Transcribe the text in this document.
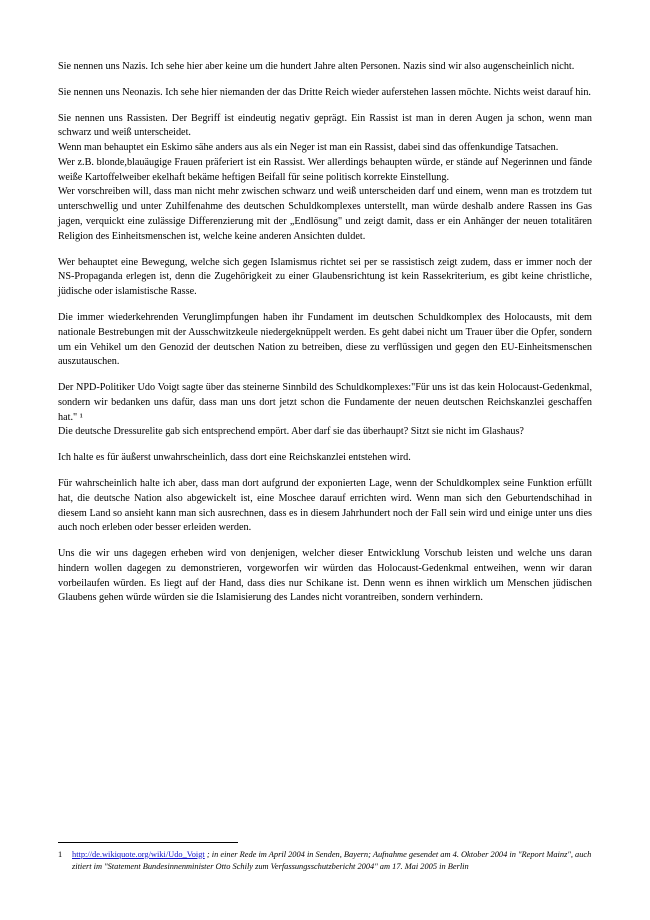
Sie nennen uns Nazis. Ich sehe hier aber keine um die hundert Jahre alten Personen. Nazis sind wir also augenscheinlich nicht.

Sie nennen uns Neonazis. Ich sehe hier niemanden der das Dritte Reich wieder auferstehen lassen möchte. Nichts weist darauf hin.

Sie nennen uns Rassisten. Der Begriff ist eindeutig negativ geprägt. Ein Rassist ist man in deren Augen ja schon, wenn man schwarz und weiß unterscheidet.
Wenn man behauptet ein Eskimo sähe anders aus als ein Neger ist man ein Rassist, dabei sind das offenkundige Tatsachen.
Wer z.B. blonde,blauäugige Frauen präferiert ist ein Rassist. Wer allerdings behaupten würde, er stände auf Negerinnen und fände weiße Kartoffelweiber ekelhaft bekäme heftigen Beifall für seine politisch korrekte Einstellung.
Wer vorschreiben will, dass man nicht mehr zwischen schwarz und weiß unterscheiden darf und einem, wenn man es trotzdem tut unterschwellig und unter Zuhilfenahme des deutschen Schuldkomplexes unterstellt, man würde deshalb andere Rassen ins Gas jagen, verquickt eine zulässige Differenzierung mit der „Endlösung" und zeigt damit, dass er ein Anhänger der neuen totalitären Religion des Einheitsmenschen ist, welche keine anderen Ansichten duldet.

Wer behauptet eine Bewegung, welche sich gegen Islamismus richtet sei per se rassistisch zeigt zudem, dass er immer noch der NS-Propaganda erlegen ist, denn die Zugehörigkeit zu einer Glaubensrichtung ist kein Rassekriterium, es gibt keine christliche, jüdische oder islamistische Rasse.

Die immer wiederkehrenden Verunglimpfungen haben ihr Fundament im deutschen Schuldkomplex des Holocausts, mit dem nationale Bestrebungen mit der Ausschwitzkeule niedergeknüppelt werden. Es geht dabei nicht um Trauer über die Opfer, sondern um ein Vehikel um den Genozid der deutschen Nation zu betreiben, diese zu verflüssigen und gegen den EU-Einheitsmenschen auszutauschen.

Der NPD-Politiker Udo Voigt sagte über das steinerne Sinnbild des Schuldkomplexes:"Für uns ist das kein Holocaust-Gedenkmal, sondern wir bedanken uns dafür, dass man uns dort jetzt schon die Fundamente der neuen deutschen Reichskanzlei geschaffen hat." ¹
Die deutsche Dressurelite gab sich entsprechend empört. Aber darf sie das überhaupt? Sitzt sie nicht im Glashaus?

Ich halte es für äußerst unwahrscheinlich, dass dort eine Reichskanzlei entstehen wird.

Für wahrscheinlich halte ich aber, dass man dort aufgrund der exponierten Lage, wenn der Schuldkomplex seine Funktion erfüllt hat, die deutsche Nation also abgewickelt ist, eine Moschee darauf errichten wird. Wenn man sich den Geburtendschihad in diesem Land so ansieht kann man sich ausrechnen, dass es in diesem Jahrhundert noch der Fall sein wird und einige unter uns dies auch noch erleben oder besser erleiden werden.

Uns die wir uns dagegen erheben wird von denjenigen, welcher dieser Entwicklung Vorschub leisten und welche uns daran hindern wollen dagegen zu demonstrieren, vorgeworfen wir würden das Holocaust-Gedenkmal entweihen, wenn wir daran vorbeilaufen würden. Es liegt auf der Hand, dass dies nur Schikane ist. Denn wenn es ihnen wirklich um Menschen jüdischen Glaubens gehen würde würden sie die Islamisierung des Landes nicht vorantreiben, sondern verhindern.

1	http://de.wikiquote.org/wiki/Udo_Voigt ; in einer Rede im April 2004 in Senden, Bayern; Aufnahme gesendet am 4. Oktober 2004 in "Report Mainz", auch zitiert im "Statement Bundesinnenminister Otto Schily zum Verfassungsschutzbericht 2004" am 17. Mai 2005 in Berlin
